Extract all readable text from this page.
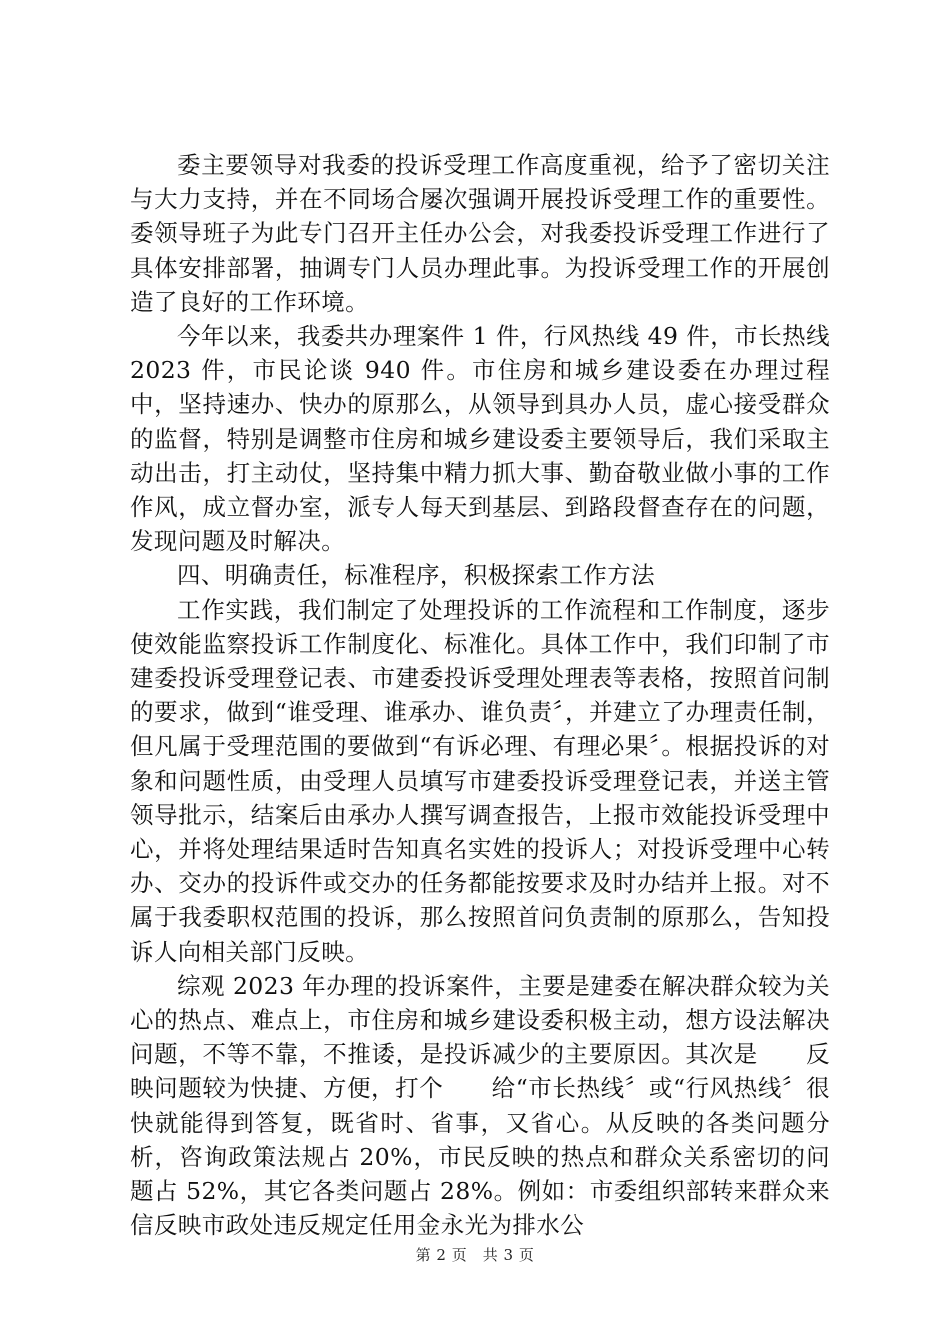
委主要领导对我委的投诉受理工作高度重视，给予了密切关注与大力支持，并在不同场合屡次强调开展投诉受理工作的重要性。委领导班子为此专门召开主任办公会，对我委投诉受理工作进行了具体安排部署，抽调专门人员办理此事。为投诉受理工作的开展创造了良好的工作环境。

今年以来，我委共办理案件 1 件，行风热线 49 件，市长热线 2023 件，市民论谈 940 件。市住房和城乡建设委在办理过程中，坚持速办、快办的原那么，从领导到具办人员，虚心接受群众的监督，特别是调整市住房和城乡建设委主要领导后，我们采取主动出击，打主动仗，坚持集中精力抓大事、勤奋敬业做小事的工作作风，成立督办室，派专人每天到基层、到路段督查存在的问题，发现问题及时解决。

四、明确责任，标准程序，积极探索工作方法

工作实践，我们制定了处理投诉的工作流程和工作制度，逐步使效能监察投诉工作制度化、标准化。具体工作中，我们印制了市建委投诉受理登记表、市建委投诉受理处理表等表格，按照首问制的要求，做到“谁受理、谁承办、谁负责〞，并建立了办理责任制，但凡属于受理范围的要做到“有诉必理、有理必果〞。根据投诉的对象和问题性质，由受理人员填写市建委投诉受理登记表，并送主管领导批示，结案后由承办人撰写调查报告，上报市效能投诉受理中心，并将处理结果适时告知真名实姓的投诉人；对投诉受理中心转办、交办的投诉件或交办的任务都能按要求及时办结并上报。对不属于我委职权范围的投诉，那么按照首问负责制的原那么，告知投诉人向相关部门反映。

综观 2023 年办理的投诉案件，主要是建委在解决群众较为关心的热点、难点上，市住房和城乡建设委积极主动，想方设法解决问题，不等不靠，不推诿，是投诉减少的主要原因。其次是　　反映问题较为快捷、方便，打个　　给“市长热线〞或“行风热线〞很快就能得到答复，既省时、省事，又省心。从反映的各类问题分析，咨询政策法规占 20%，市民反映的热点和群众关系密切的问题占 52%，其它各类问题占 28%。例如：市委组织部转来群众来信反映市政处违反规定任用金永光为排水公

第 2 页　共 3 页
